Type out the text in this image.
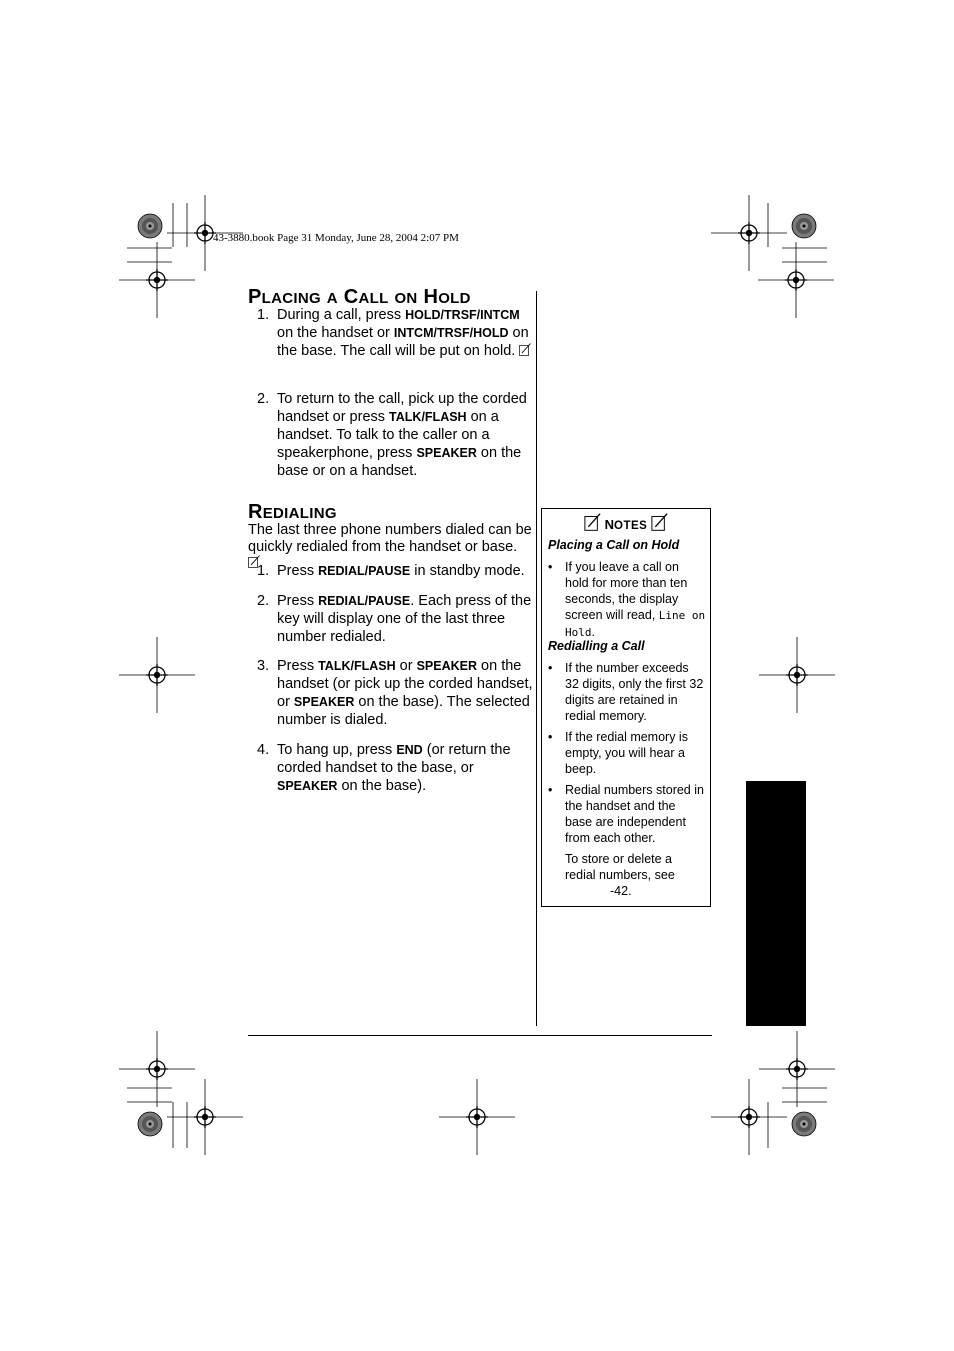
43-3880.book Page 31 Monday, June 28, 2004 2:07 PM
PLACING A CALL ON HOLD
1. During a call, press HOLD/TRSF/INTCM
on the handset or INTCM/TRSF/HOLD on
the base. The call will be put on hold.
2. To return to the call, pick up the corded handset or press TALK/FLASH on a handset. To talk to the caller on a speakerphone, press SPEAKER on the base or on a handset.
REDIALING
The last three phone numbers dialed can be quickly redialed from the handset or base.
1. Press REDIAL/PAUSE in standby mode.
2. Press REDIAL/PAUSE. Each press of the key will display one of the last three number redialed.
3. Press TALK/FLASH or SPEAKER on the handset (or pick up the corded handset, or SPEAKER on the base). The selected number is dialed.
4. To hang up, press END (or return the corded handset to the base, or SPEAKER on the base).
NOTES
Placing a Call on Hold
• If you leave a call on hold for more than ten seconds, the display screen will read, Line on Hold.
Redialling a Call
• If the number exceeds 32 digits, only the first 32 digits are retained in redial memory.
• If the redial memory is empty, you will hear a beep.
• Redial numbers stored in the handset and the base are independent from each other.
To store or delete a redial numbers, see
-42.
